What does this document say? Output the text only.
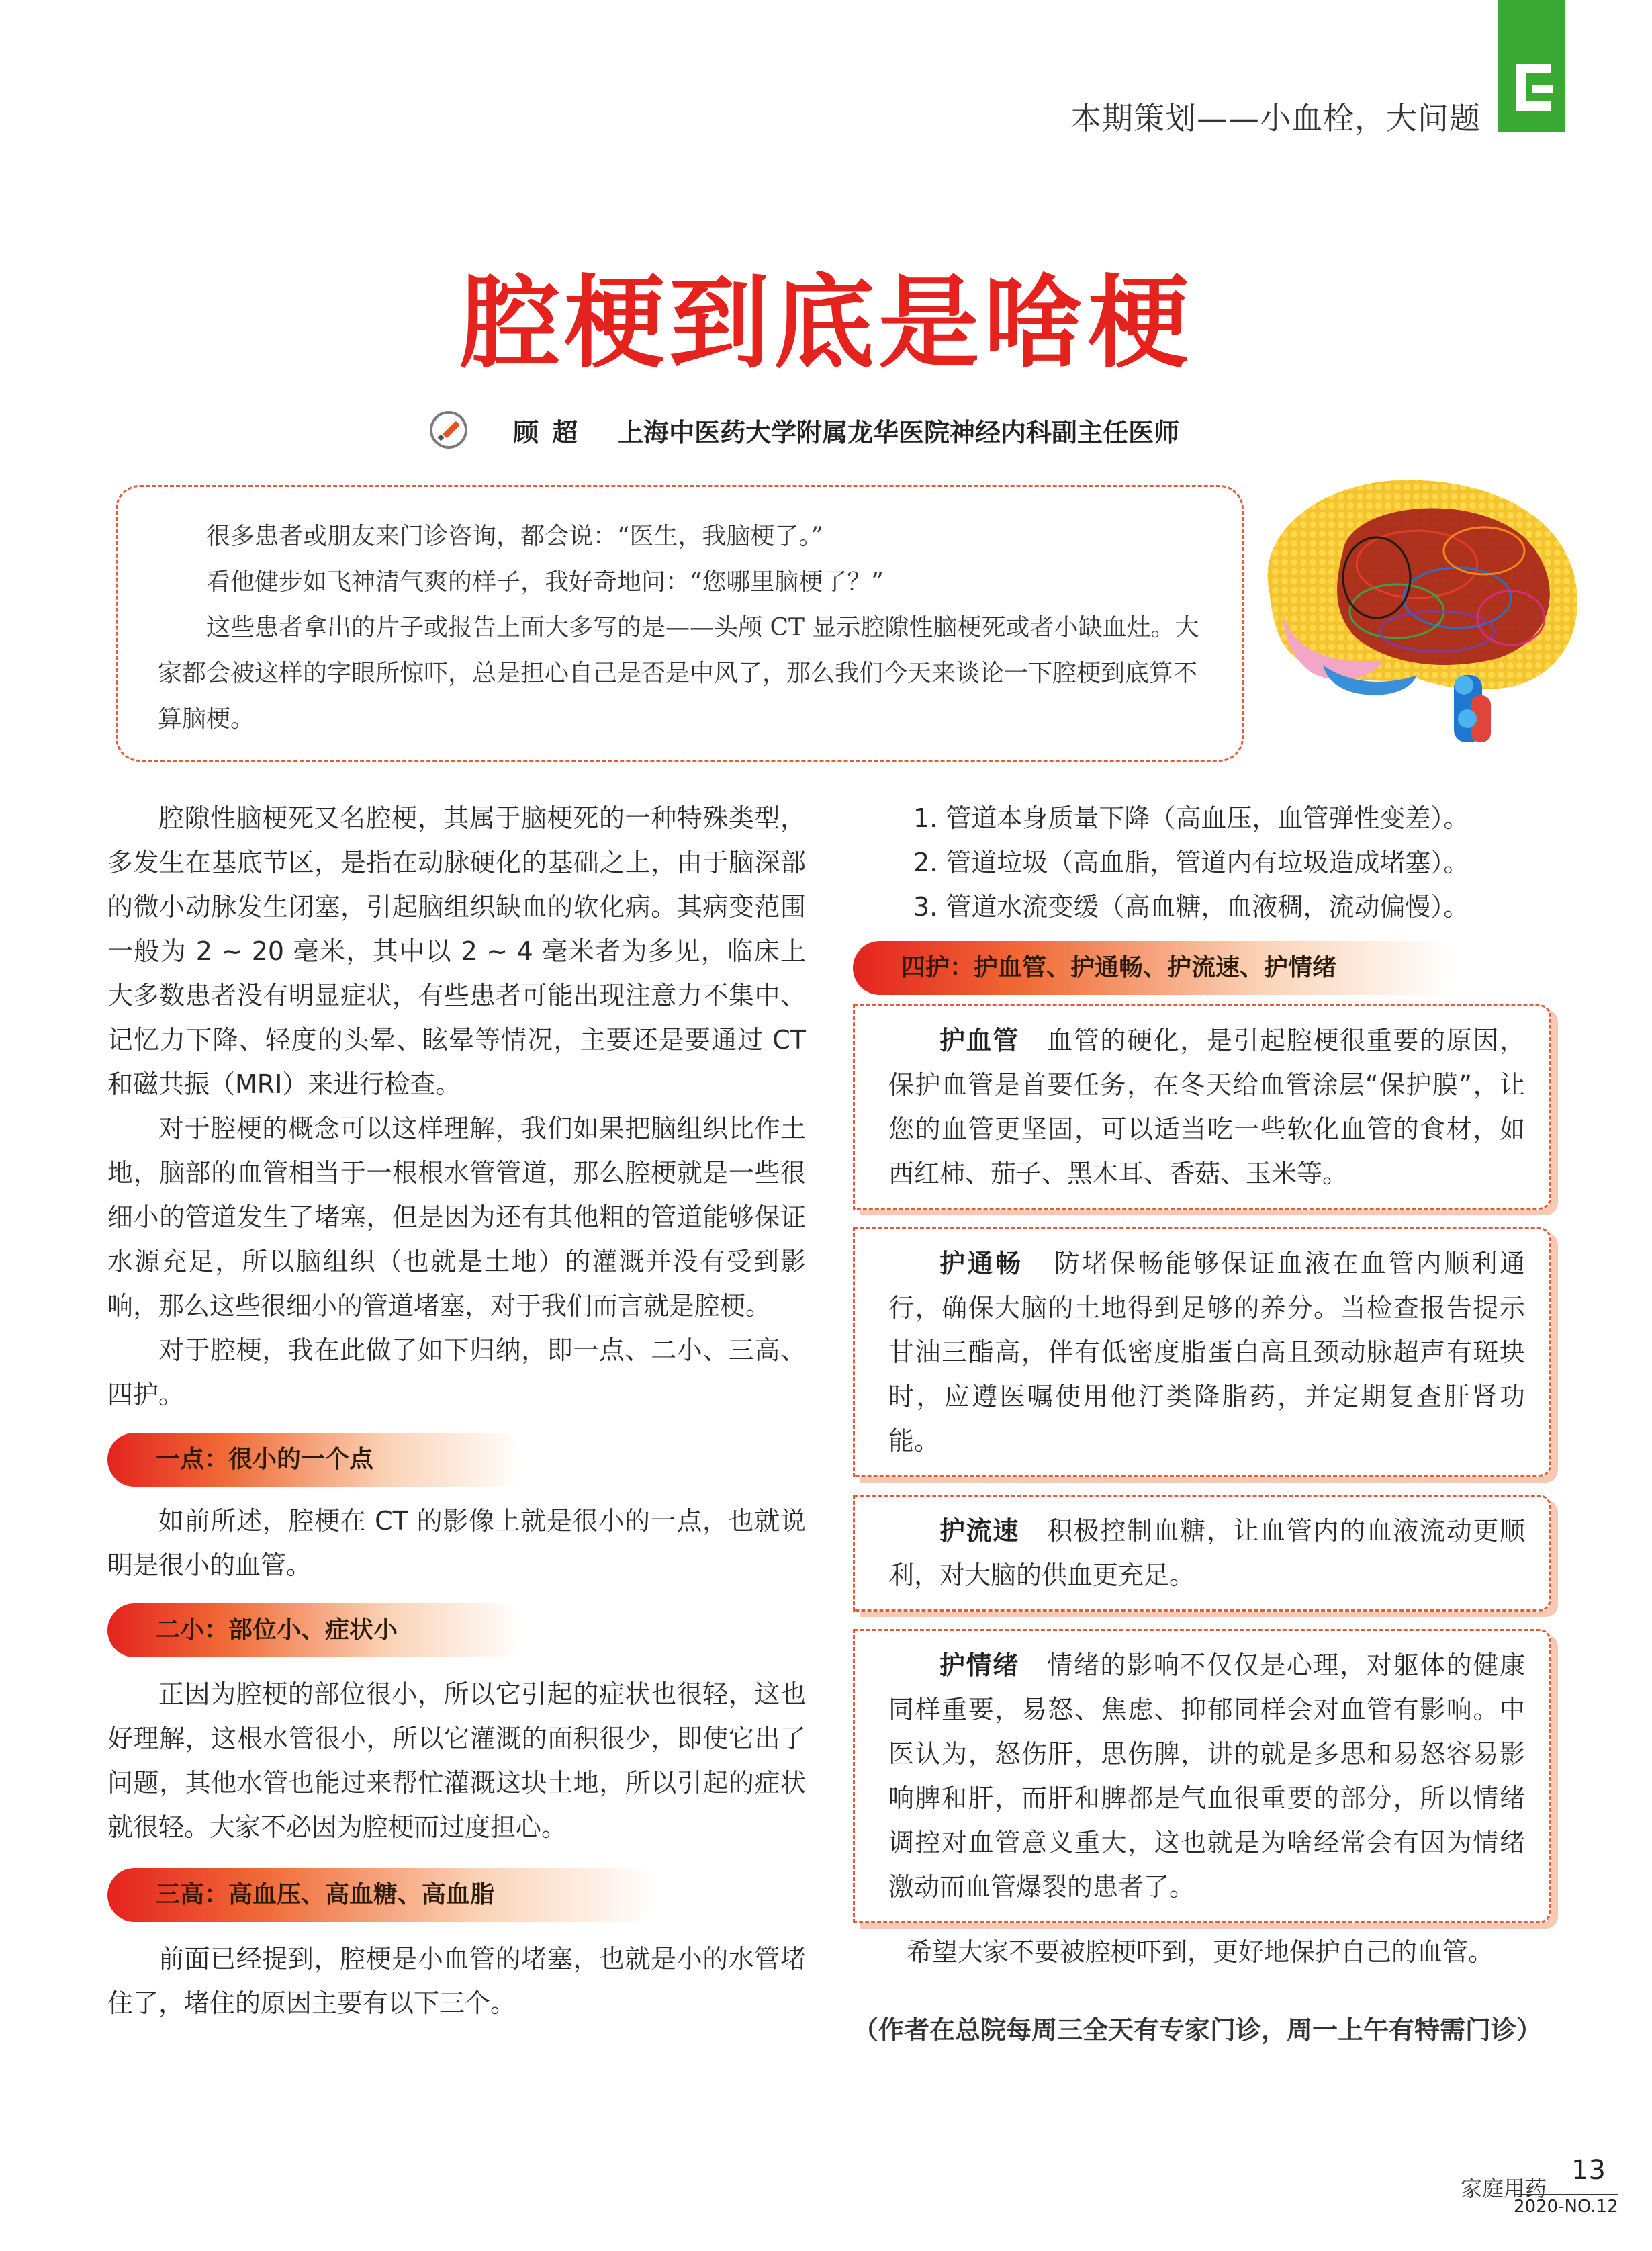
本期策划——小血栓，大问题
腔梗到底是啥梗
顾超 上海中医药大学附属龙华医院神经内科副主任医师

很多患者或朋友来门诊咨询，都会说：“医生，我脑梗了。”

看他健步如飞神清气爽的样子，我好奇地问：“您哪里脑梗了？”

这些患者拿出的片子或报告上面大多写的是——头颅 CT 显示腔隙性脑梗死或者小缺血灶。大家都会被这样的字眼所惊吓，总是担心自己是否是中风了，那么我们今天来谈论一下腔梗到底算不算脑梗。

腔隙性脑梗死又名腔梗，其属于脑梗死的一种特殊类型，多发生在基底节区，是指在动脉硬化的基础之上，由于脑深部的微小动脉发生闭塞，引起脑组织缺血的软化病。其病变范围一般为 2 ~ 20 毫米，其中以 2 ~ 4 毫米者为多见，临床上大多数患者没有明显症状，有些患者可能出现注意力不集中、记忆力下降、轻度的头晕、眩晕等情况，主要还是要通过 CT 和磁共振（MRI）来进行检查。

对于腔梗的概念可以这样理解，我们如果把脑组织比作土地，脑部的血管相当于一根根水管管道，那么腔梗就是一些很细小的管道发生了堵塞，但是因为还有其他粗的管道能够保证水源充足，所以脑组织（也就是土地）的灌溉并没有受到影响，那么这些很细小的管道堵塞，对于我们而言就是腔梗。

对于腔梗，我在此做了如下归纳，即一点、二小、三高、四护。

一点：很小的一个点

如前所述，腔梗在 CT 的影像上就是很小的一点，也就说明是很小的血管。

二小：部位小、症状小

正因为腔梗的部位很小，所以它引起的症状也很轻，这也好理解，这根水管很小，所以它灌溉的面积很少，即使它出了问题，其他水管也能过来帮忙灌溉这块土地，所以引起的症状就很轻。大家不必因为腔梗而过度担心。

三高：高血压、高血糖、高血脂

前面已经提到，腔梗是小血管的堵塞，也就是小的水管堵住了，堵住的原因主要有以下三个。

1. 管道本身质量下降（高血压，血管弹性变差）。

2. 管道垃圾（高血脂，管道内有垃圾造成堵塞）。

3. 管道水流变缓（高血糖，血液稠，流动偏慢）。

四护：护血管、护通畅、护流速、护情绪

护血管 血管的硬化，是引起腔梗很重要的原因，保护血管是首要任务，在冬天给血管涂层“保护膜”，让您的血管更坚固，可以适当吃一些软化血管的食材，如西红柿、茄子、黑木耳、香菇、玉米等。

护通畅 防堵保畅能够保证血液在血管内顺利通行，确保大脑的土地得到足够的养分。当检查报告提示甘油三酯高，伴有低密度脂蛋白高且颈动脉超声有斑块时，应遵医嘱使用他汀类降脂药，并定期复查肝肾功能。

护流速 积极控制血糖，让血管内的血液流动更顺利，对大脑的供血更充足。

护情绪 情绪的影响不仅仅是心理，对躯体的健康同样重要，易怒、焦虑、抑郁同样会对血管有影响。中医认为，怒伤肝，思伤脾，讲的就是多思和易怒容易影响脾和肝，而肝和脾都是气血很重要的部分，所以情绪调控对血管意义重大，这也就是为啥经常会有因为情绪激动而血管爆裂的患者了。

希望大家不要被腔梗吓到，更好地保护自己的血管。
（作者在总院每周三全天有专家门诊，周一上午有特需门诊）
家庭用药
13
2020-NO.12
